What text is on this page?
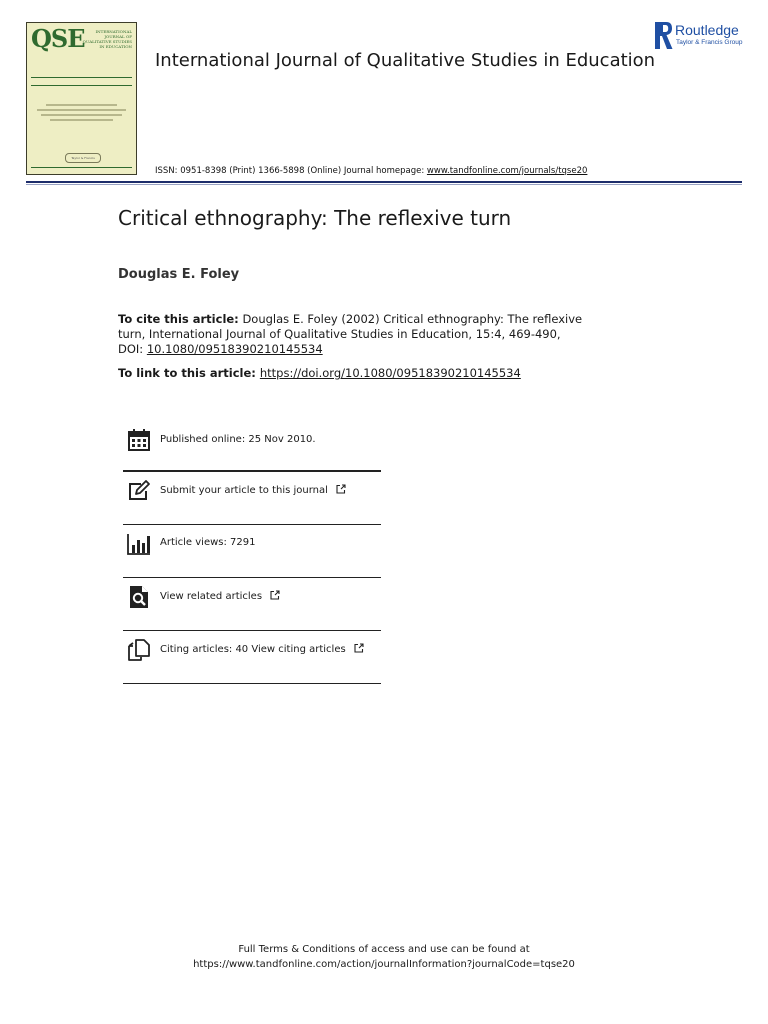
QSE	INTERNATIONAL JOURNAL OF QUALITATIVE STUDIES IN EDUCATION
Taylor & Francis
International Journal of Qualitative Studies in Education
Routledge
Taylor & Francis Group
ISSN: 0951-8398 (Print) 1366-5898 (Online) Journal homepage: www.tandfonline.com/journals/tqse20
Critical ethnography: The reflexive turn
Douglas E. Foley
To cite this article: Douglas E. Foley (2002) Critical ethnography: The reflexive turn, International Journal of Qualitative Studies in Education, 15:4, 469-490, DOI: 10.1080/09518390210145534
To link to this article: https://doi.org/10.1080/09518390210145534
Published online: 25 Nov 2010.
Submit your article to this journal
Article views: 7291
View related articles
Citing articles: 40 View citing articles
Full Terms & Conditions of access and use can be found at
https://www.tandfonline.com/action/journalInformation?journalCode=tqse20
